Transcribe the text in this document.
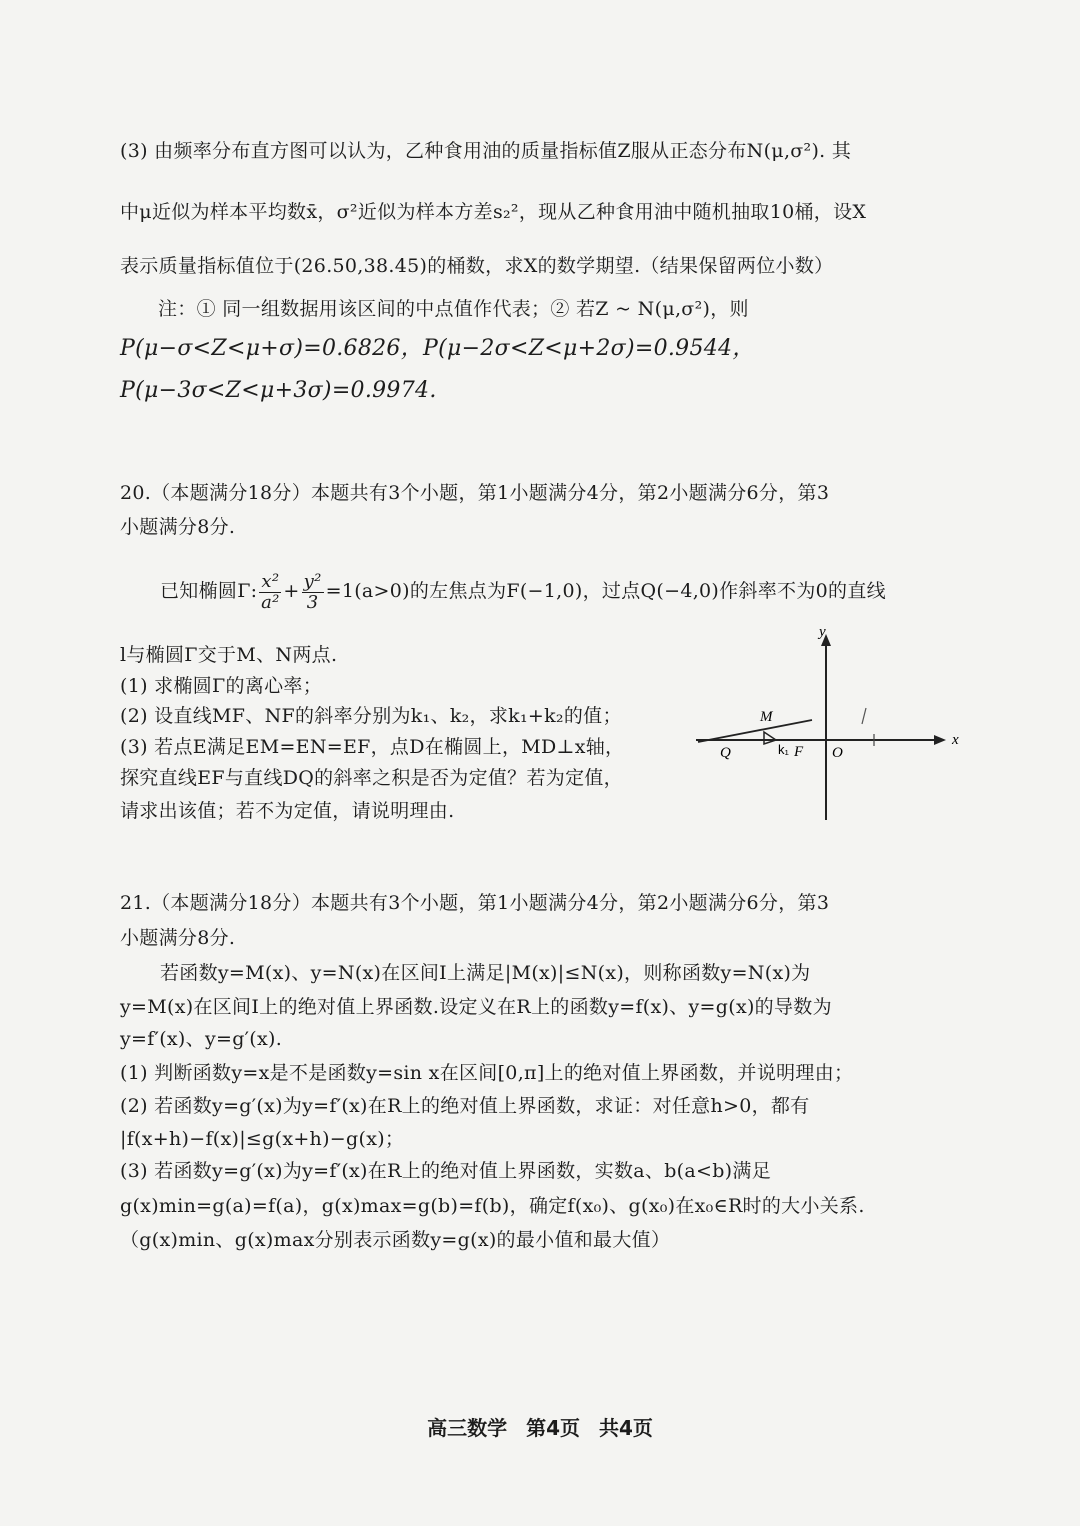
(3) 由频率分布直方图可以认为，乙种食用油的质量指标值Z服从正态分布N(μ,σ²). 其
中μ近似为样本平均数x̄，σ²近似为样本方差s₂²，现从乙种食用油中随机抽取10桶，设X
表示质量指标值位于(26.50,38.45)的桶数，求X的数学期望.（结果保留两位小数）
注：① 同一组数据用该区间的中点值作代表；② 若Z ~ N(μ,σ²)，则
P(μ−σ<Z<μ+σ)=0.6826，P(μ−2σ<Z<μ+2σ)=0.9544，
P(μ−3σ<Z<μ+3σ)=0.9974.
20.（本题满分18分）本题共有3个小题，第1小题满分4分，第2小题满分6分，第3
小题满分8分.
已知椭圆Γ: $\frac{\text{x²}}{\text{a²}} + \frac{\text{y²}}{3} =1(a>0)$的左焦点为F(−1,0)，过点Q(−4,0)作斜率不为0的直线
l与椭圆Γ交于M、N两点.
(1) 求椭圆Γ的离心率；
(2) 设直线MF、NF的斜率分别为k₁、k₂，求k₁+k₂的值；
(3) 若点E满足EM=EN=EF，点D在椭圆上，MD⊥x轴，
探究直线EF与直线DQ的斜率之积是否为定值？若为定值，
请求出该值；若不为定值，请说明理由.
y
x
O
Q	F
M
k₁
21.（本题满分18分）本题共有3个小题，第1小题满分4分，第2小题满分6分，第3
小题满分8分.
若函数y=M(x)、y=N(x)在区间I上满足|M(x)|≤N(x)，则称函数y=N(x)为
y=M(x)在区间I上的绝对值上界函数.设定义在R上的函数y=f(x)、y=g(x)的导数为
y=f′(x)、y=g′(x).
(1) 判断函数y=x是不是函数y=sin x在区间[0,π]上的绝对值上界函数，并说明理由；
(2) 若函数y=g′(x)为y=f′(x)在R上的绝对值上界函数，求证：对任意h>0，都有
|f(x+h)−f(x)|≤g(x+h)−g(x)；
(3) 若函数y=g′(x)为y=f′(x)在R上的绝对值上界函数，实数a、b(a<b)满足
g(x)min=g(a)=f(a)，g(x)max=g(b)=f(b)，确定f(x₀)、g(x₀)在x₀∈R时的大小关系.
（g(x)min、g(x)max分别表示函数y=g(x)的最小值和最大值）
高三数学 第4页 共4页
